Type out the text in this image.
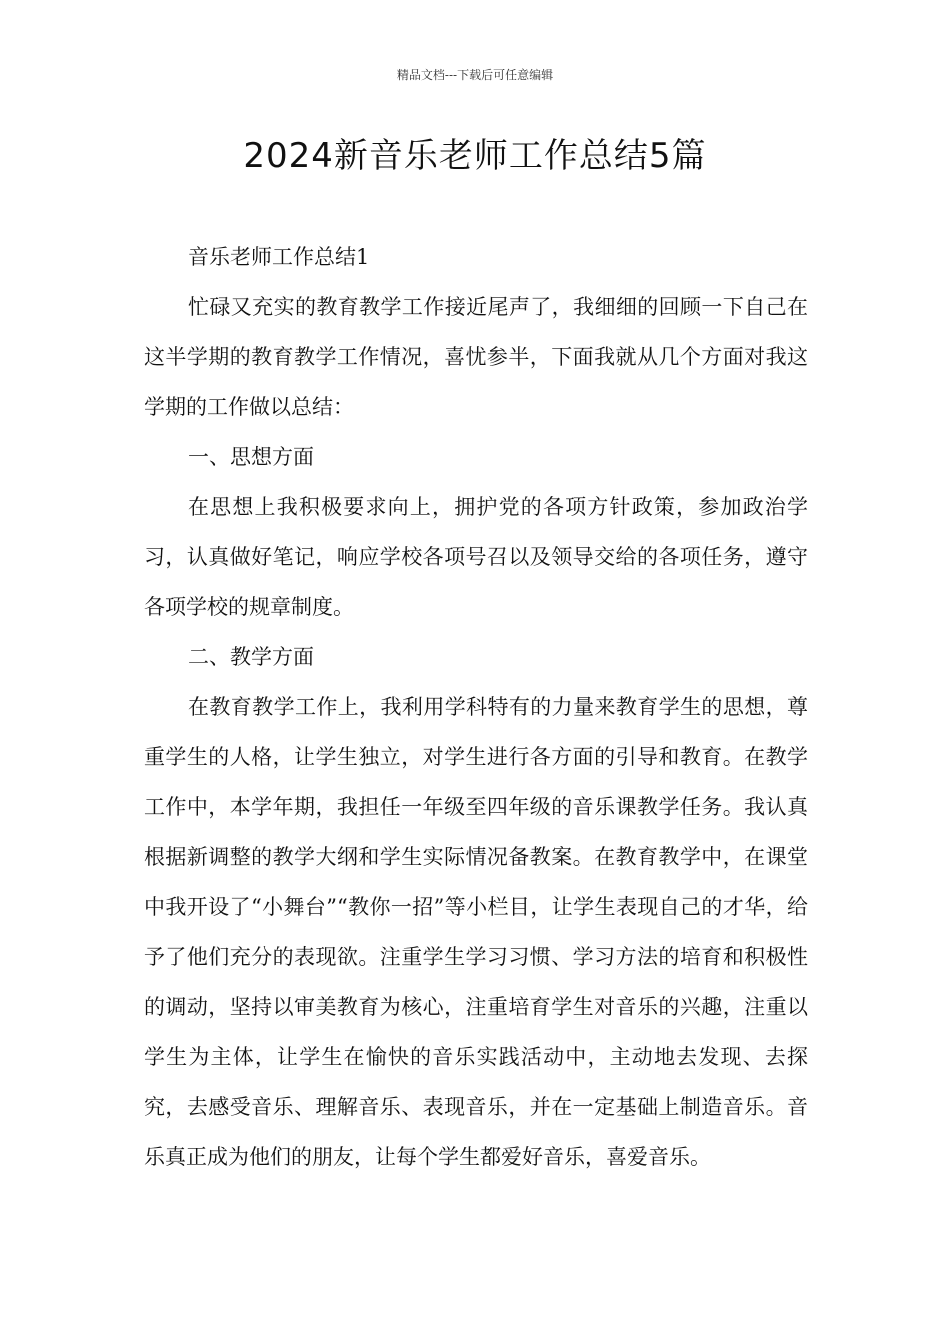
精品文档---下载后可任意编辑
2024新音乐老师工作总结5篇

音乐老师工作总结1

忙碌又充实的教育教学工作接近尾声了，我细细的回顾一下自己在这半学期的教育教学工作情况，喜忧参半，下面我就从几个方面对我这学期的工作做以总结：

一、思想方面

在思想上我积极要求向上，拥护党的各项方针政策，参加政治学习，认真做好笔记，响应学校各项号召以及领导交给的各项任务，遵守各项学校的规章制度。

二、教学方面

在教育教学工作上，我利用学科特有的力量来教育学生的思想，尊重学生的人格，让学生独立，对学生进行各方面的引导和教育。在教学工作中，本学年期，我担任一年级至四年级的音乐课教学任务。我认真根据新调整的教学大纲和学生实际情况备教案。在教育教学中，在课堂中我开设了“小舞台”“教你一招”等小栏目，让学生表现自己的才华，给予了他们充分的表现欲。注重学生学习习惯、学习方法的培育和积极性的调动，坚持以审美教育为核心，注重培育学生对音乐的兴趣，注重以学生为主体，让学生在愉快的音乐实践活动中，主动地去发现、去探究，去感受音乐、理解音乐、表现音乐，并在一定基础上制造音乐。音乐真正成为他们的朋友，让每个学生都爱好音乐，喜爱音乐。
